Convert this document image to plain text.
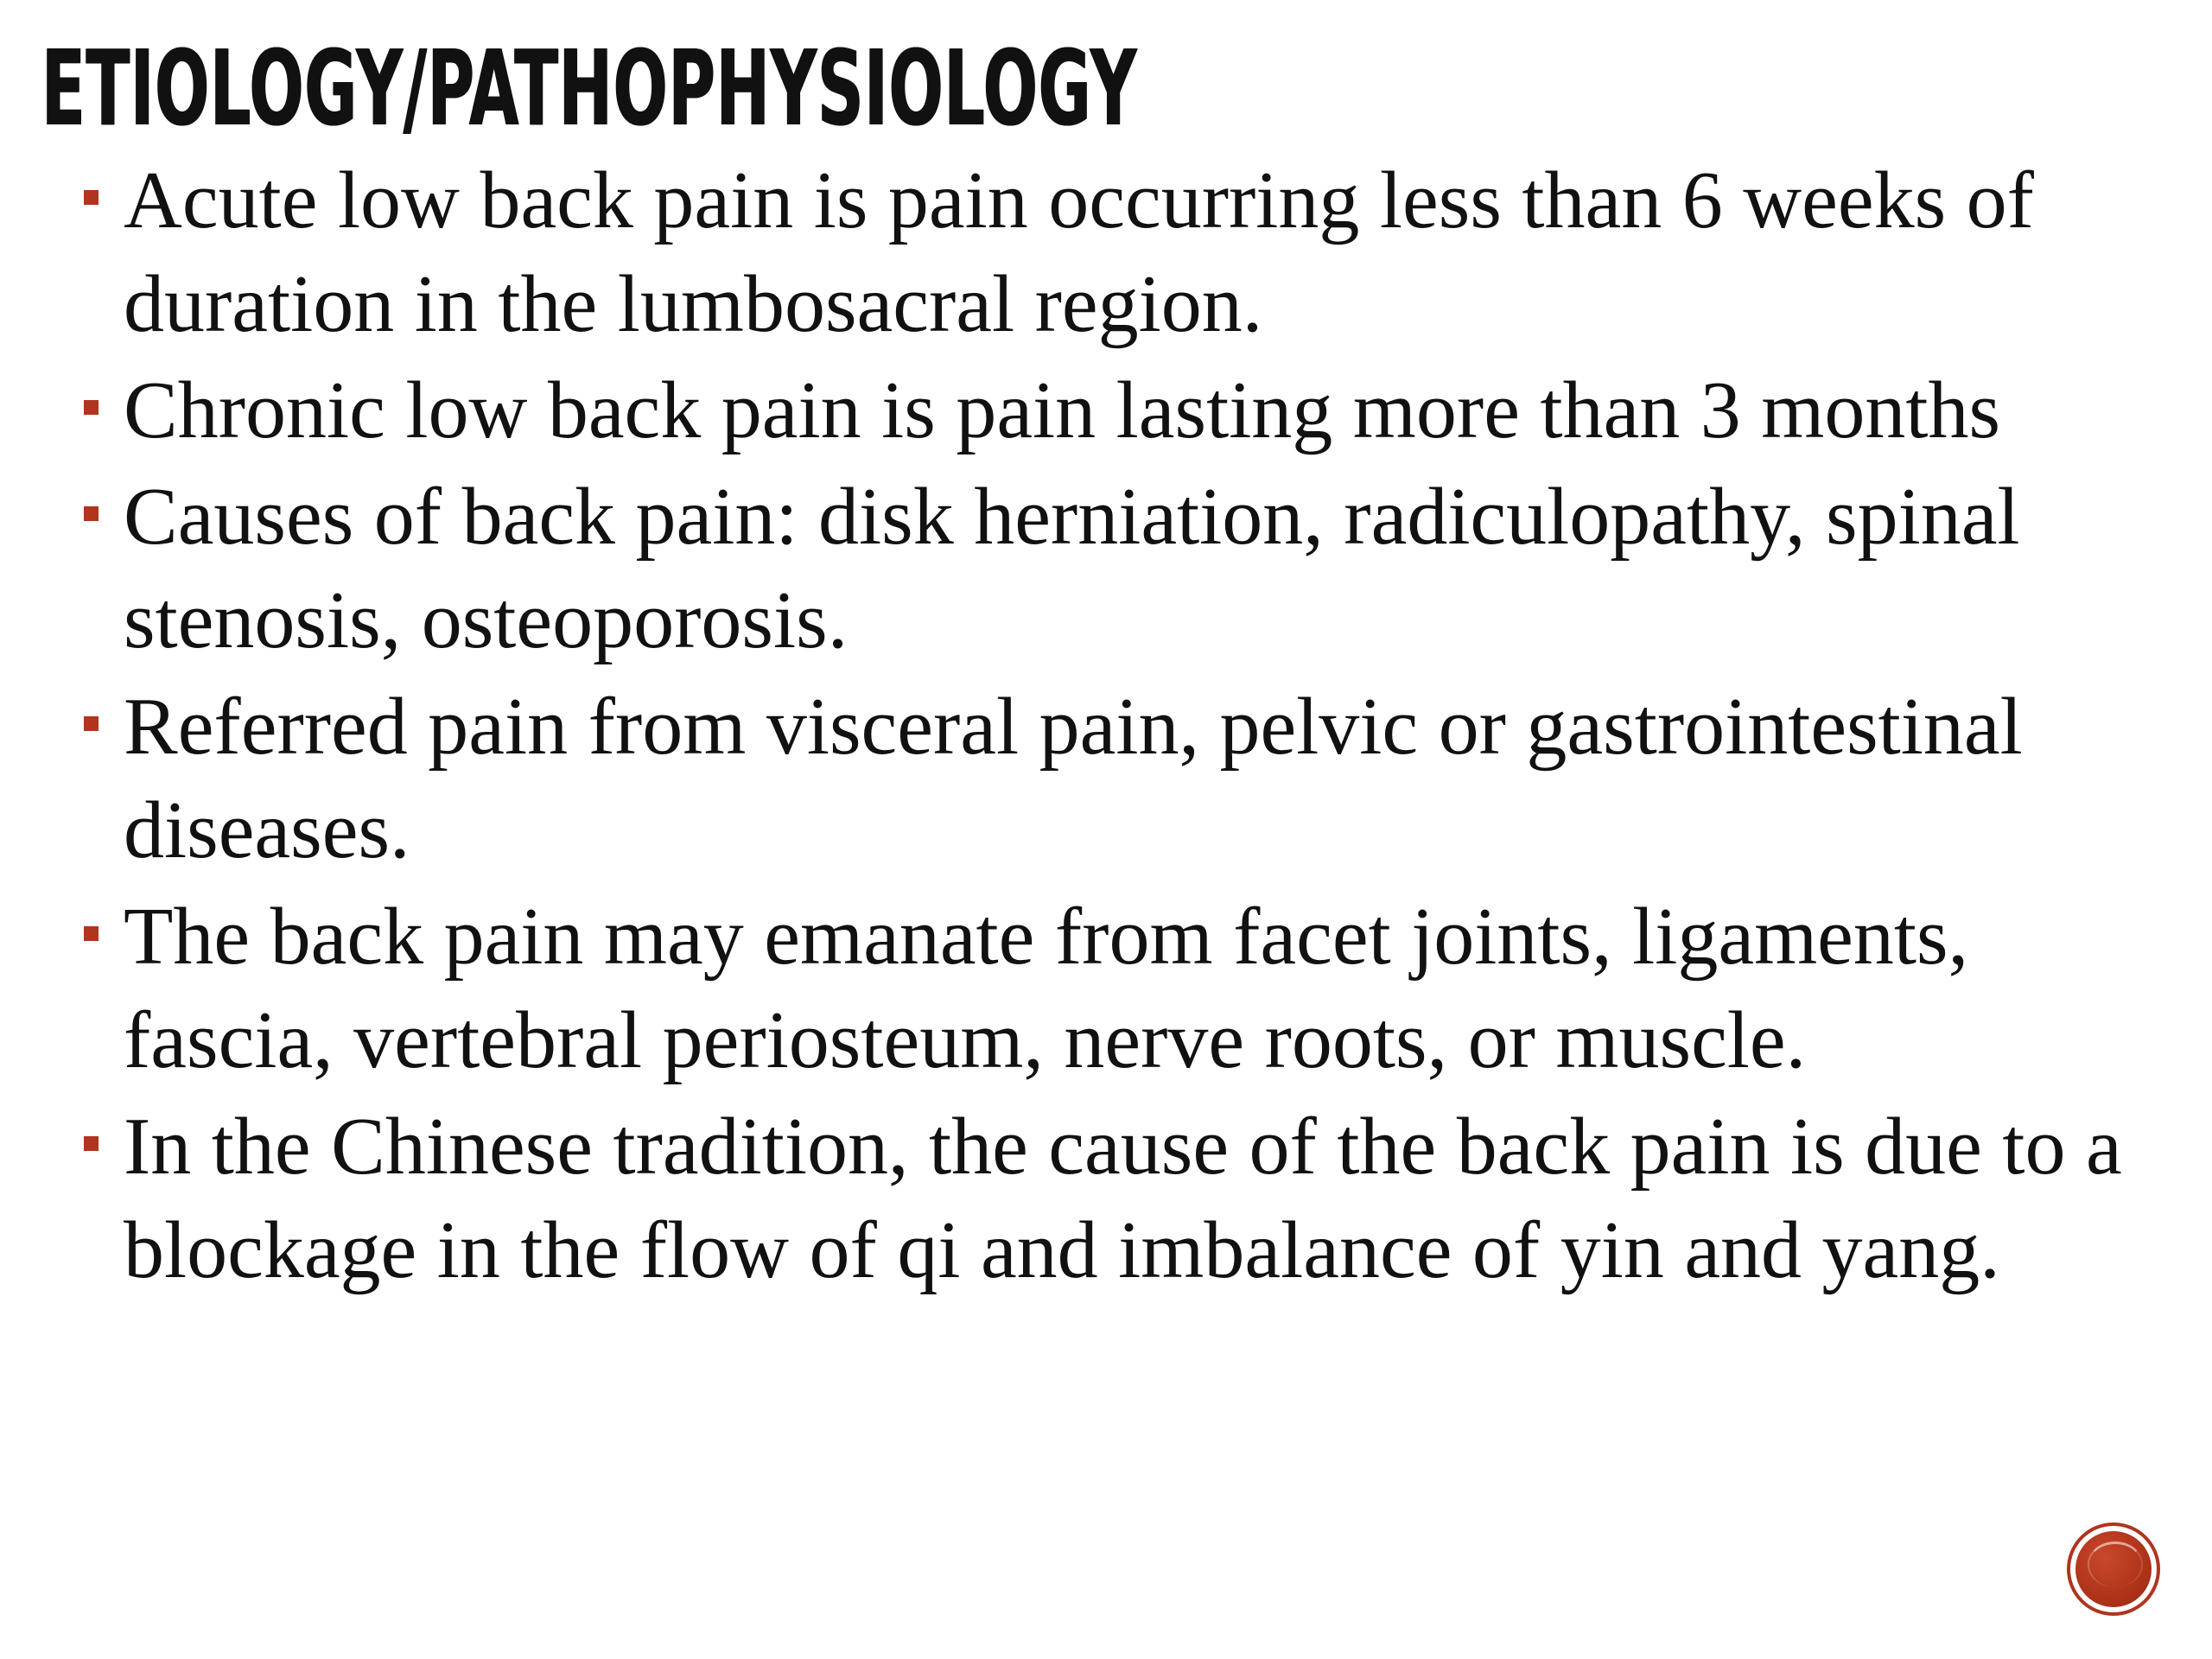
ETIOLOGY/PATHOPHYSIOLOGY
Acute low back pain is pain occurring less than 6 weeks of duration in the lumbosacral region.
Chronic low back pain is pain lasting more than 3 months
Causes of back pain: disk herniation, radiculopathy, spinal stenosis, osteoporosis.
Referred pain from visceral pain, pelvic or gastrointestinal diseases.
The back pain may emanate from facet joints, ligaments, fascia, vertebral periosteum, nerve roots, or muscle.
In the Chinese tradition, the cause of the back pain is due to a blockage in the flow of qi and imbalance of yin and yang.
